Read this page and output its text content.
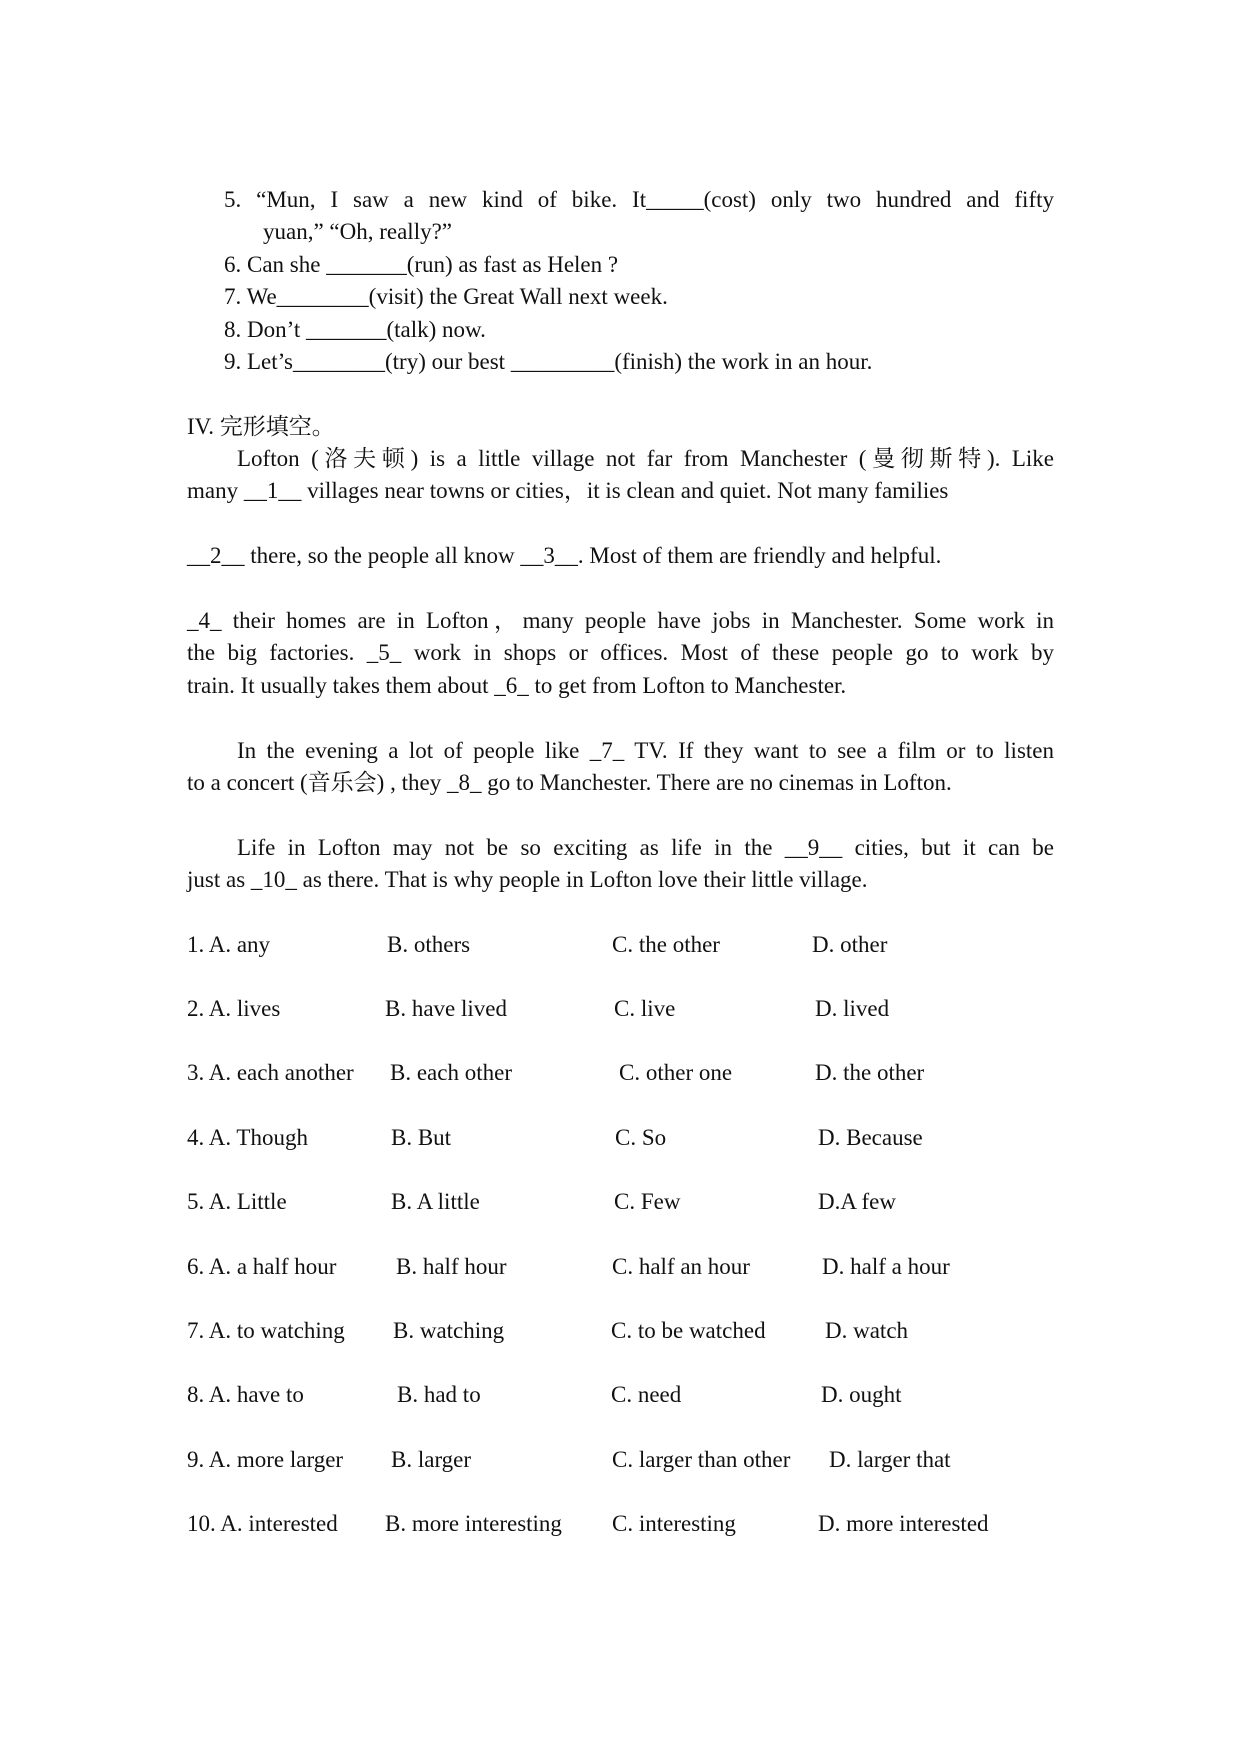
5. “Mun, I saw a new kind of bike. It_____(cost) only two hundred and fifty
yuan,” “Oh, really?”
6. Can she _______(run) as fast as Helen ?
7. We________(visit) the Great Wall next week.
8. Don’t _______(talk) now.
9. Let’s________(try) our best _________(finish) the work in an hour.
IV. 完形填空。
Lofton (洛夫顿) is a little village not far from Manchester (曼彻斯特). Like
many __1__ villages near towns or cities，it is clean and quiet. Not many families
__2__ there, so the people all know __3__. Most of them are friendly and helpful.
_4_ their homes are in Lofton，many people have jobs in Manchester. Some work in
the big factories. _5_ work in shops or offices. Most of these people go to work by
train. It usually takes them about _6_ to get from Lofton to Manchester.
In the evening a lot of people like _7_ TV. If they want to see a film or to listen
to a concert (音乐会) , they _8_ go to Manchester. There are no cinemas in Lofton.
Life in Lofton may not be so exciting as life in the __9__ cities, but it can be
just as _10_ as there. That is why people in Lofton love their little village.
1. A. any	B. others	C. the other	D. other
2. A. lives	B. have lived	C. live	D. lived
3. A. each another B. each other	C. other one	D. the other
4. A. Though	B. But	C. So	D. Because
5. A. Little	B. A little	C. Few	D.A few
6. A. a half hour	B. half hour	C. half an hour	D. half a hour
7. A. to watching B. watching	C. to be watched	D. watch
8. A. have to	B. had to	C. need	D. ought
9. A. more larger B. larger	C. larger than other D. larger that
10. A. interested B. more interesting C. interesting	D. more interested
